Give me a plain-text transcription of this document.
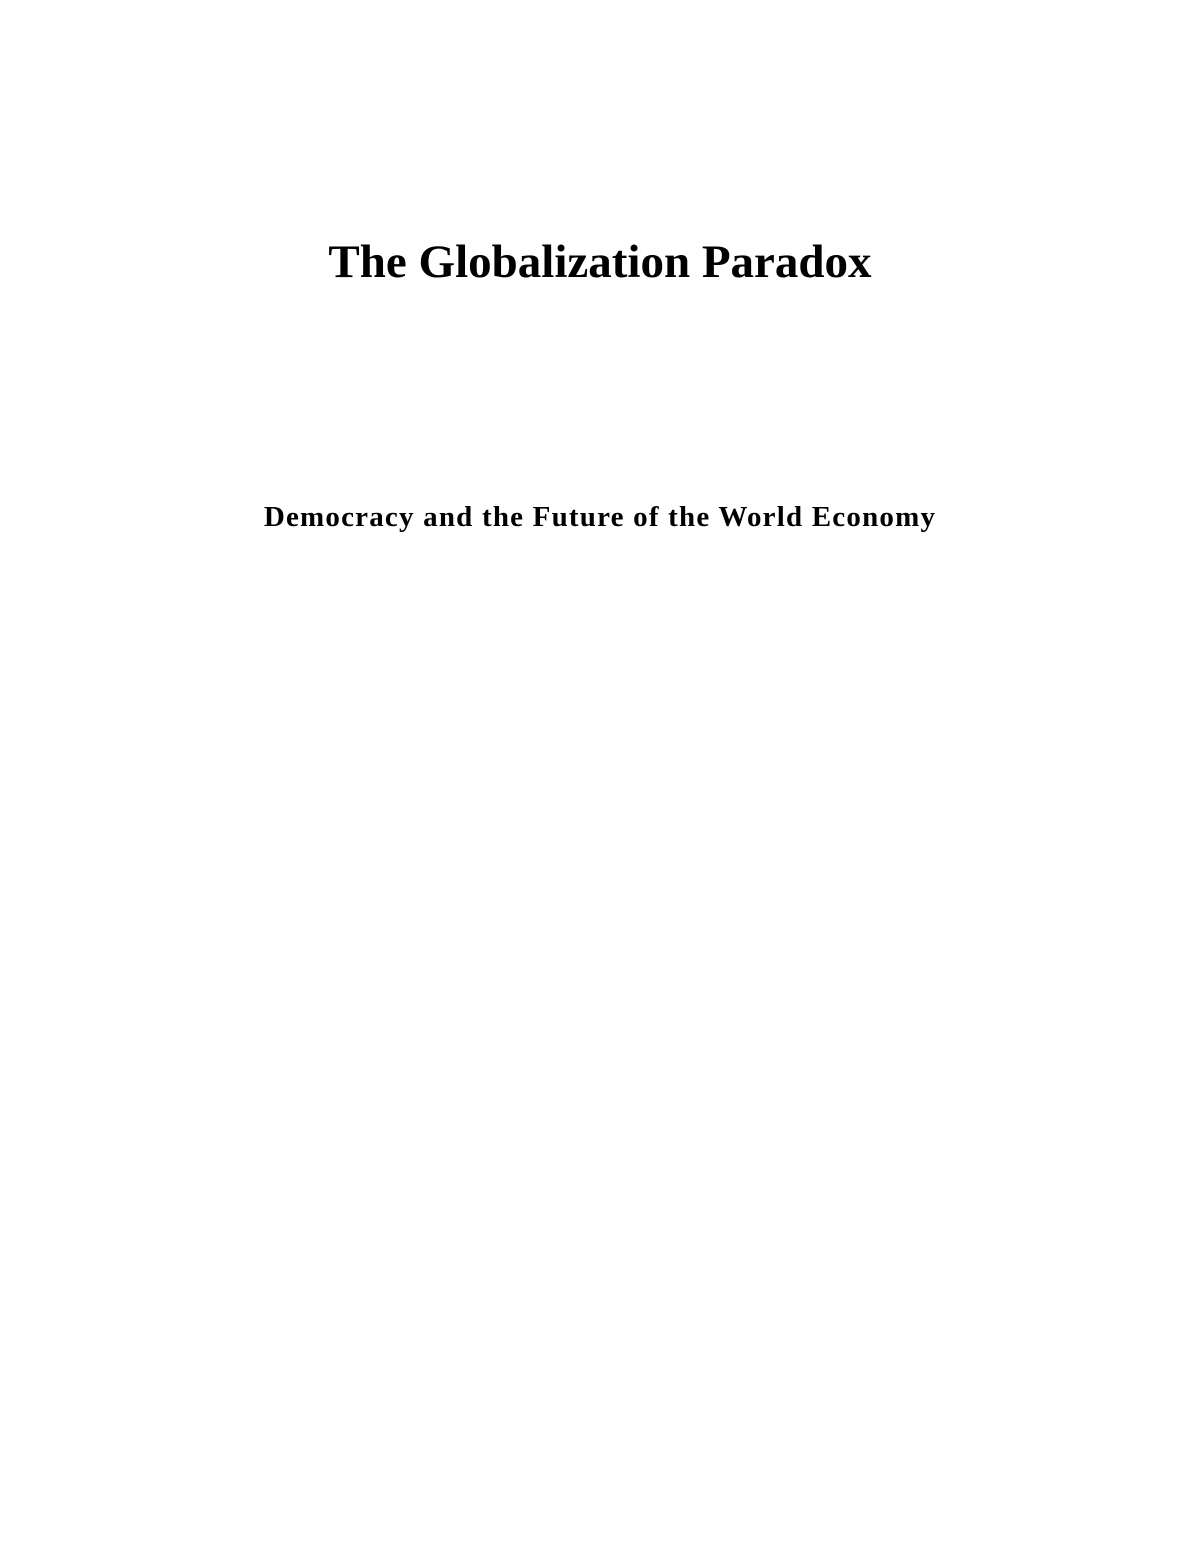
The Globalization Paradox
Democracy and the Future of the World Economy
